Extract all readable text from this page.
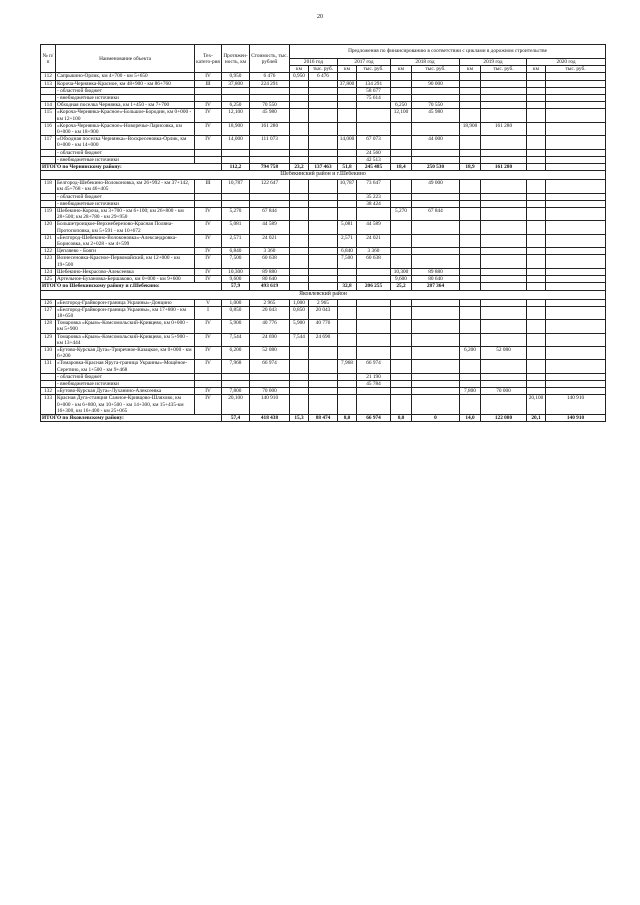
20
№ п/п	Наименование объекта	Тех-катего-рия	Протяжен-ность, км	Стоимость, тыс. рублей	Предложения по финансированию в соответствии с циклами в дорожном строительстве									
					2016 год		2017 год		2018 год		2019 год		2020 год	
					км	тыс. руб.	км	тыс. руб.	км	тыс. руб.	км	тыс. руб.	км	тыс. руб.
112	Сапрыкино-Орлик, км 4+700 - км 5+650	IV	0,950	6 476	0,950	6 476								
113	Короча-Чернянка-Красное, км 48+900 - км 86+760	III	37,800	224 291			37,800	134 291		90 000				
	- областной бюджет							58 677						
	- внебюджетные источники							75 614						
114	Обходная поселка Чернянка, км 1+450 - км 7+700	IV	6,250	70 550					6,250	70 550				
115	«Короча-Чернянка-Красное»-Большое-Бородин, км 0+000 - км 12+100	IV	12,100	45 980					12,100	45 980				
116	«Короча-Чернянка-Красное»-Новоречье-Ларисовка, км 0+000 - км 18+900	IV	18,900	161 280							18,900	161 280		
117	«Обходная поселка Чернянка»-Воскресеновка-Орлик, км 0+000 - км 14+000	IV	14,000	111 073			14,000	67 073		44 000				
	- областной бюджет							24 560						
	- внебюджетные источники							42 513						
ИТОГО по Чернянскому району:			112,2	794 758	23,2	137 463	51,8	245 485	18,4	250 530	18,9	161 280		
Шебекинский район и г.Шебекино														
118	Белгород-Шебекино-Волоконовка, км 26+992 - км 37+142, км 45+768 - км 46+405	III	10,787	122 647			10,787	73 647		49 000				
	- областной бюджет							35 223						
	- внебюджетные источники							38 424						
119	Шебекино-Короча, км 3+700 - км 6+100; км 26+800 - км 28+500; км 28+780 - км 29+950	IV	5,270	67 844					5,270	67 844				
120	Большетроицкое-Верхнеберезово-Красная Поляна-Протопоповка, км 5+591 - км 10+672	IV	5,081	44 589			5,081	44 589						
121	«Белгород-Шебекино-Волоконовка»-Александровка-Борисовка, км 2+028 - км 4+599	IV	2,571	24 021			2,571	24 021						
122	Цепляево - Бояги	IV	6,840	3 360			6,840	3 360						
123	Вознесеновка-Красное-Первомайский, км 12+000 - км 19+500	IV	7,500	60 638			7,500	60 638						
124	Шебекино-Некрасово-Алексеевка	IV	10,300	89 880					10,300	89 880				
125	Артельное-Бузановка-Бершаково, км 0+000 - км 9+600	IV	9,600	80 640					9,600	80 640				
ИТОГО по Шебекинскому району и г.Шебекино:			57,9	493 619			32,8	206 255	25,2	287 364				
Яковлевский район														
126	«Белгород-Грайворон-граница Украины»-Донцино	V	1,000	2 965	1,000	2 965								
127	«Белгород-Грайворон-граница Украины», км 17+800 - км 18+650	I	0,850	20 043	0,850	20 043								
128	Томаровка «Крым»-Комсомольский-Кривцево, км 0+000 - км 5+900	IV	5,900	40 776	5,900	40 776								
129	Томаровка «Крым»-Комсомольский-Кривцево, км 5+900 - км 13+444	IV	7,544	24 690	7,544	24 690								
130	«Бутово-Курская Дуга»-Триречное-Казацкое, км 0+000 - км 6+200	IV	6,200	52 080							6,200	52 080		
131	«Томаровка-Красная Яруга-граница Украины»-Мощёное-Серетино, км 1+500 - км 9+468	IV	7,968	66 974			7,968	66 974						
	- областной бюджет							21 190						
	- внебюджетные источники							45 784						
132	«Бутово-Курская Дуга»-Луханино-Алексеевка	IV	7,800	70 000							7,800	70 000		
133	Красная Дуга-станция Сажное-Кривцово-Шляхово, км 0+000 - км 6+800, км 10+500 - км 14+300, км 15+435-км 16+300, км 16+400 - км 25+065	IV	20,100	140 910									20,100	140 910
ИТОГО по Яковлевскому району:			57,4	418 438	15,3	88 474	8,0	66 974	0,0	0	14,0	122 080	20,1	140 910
